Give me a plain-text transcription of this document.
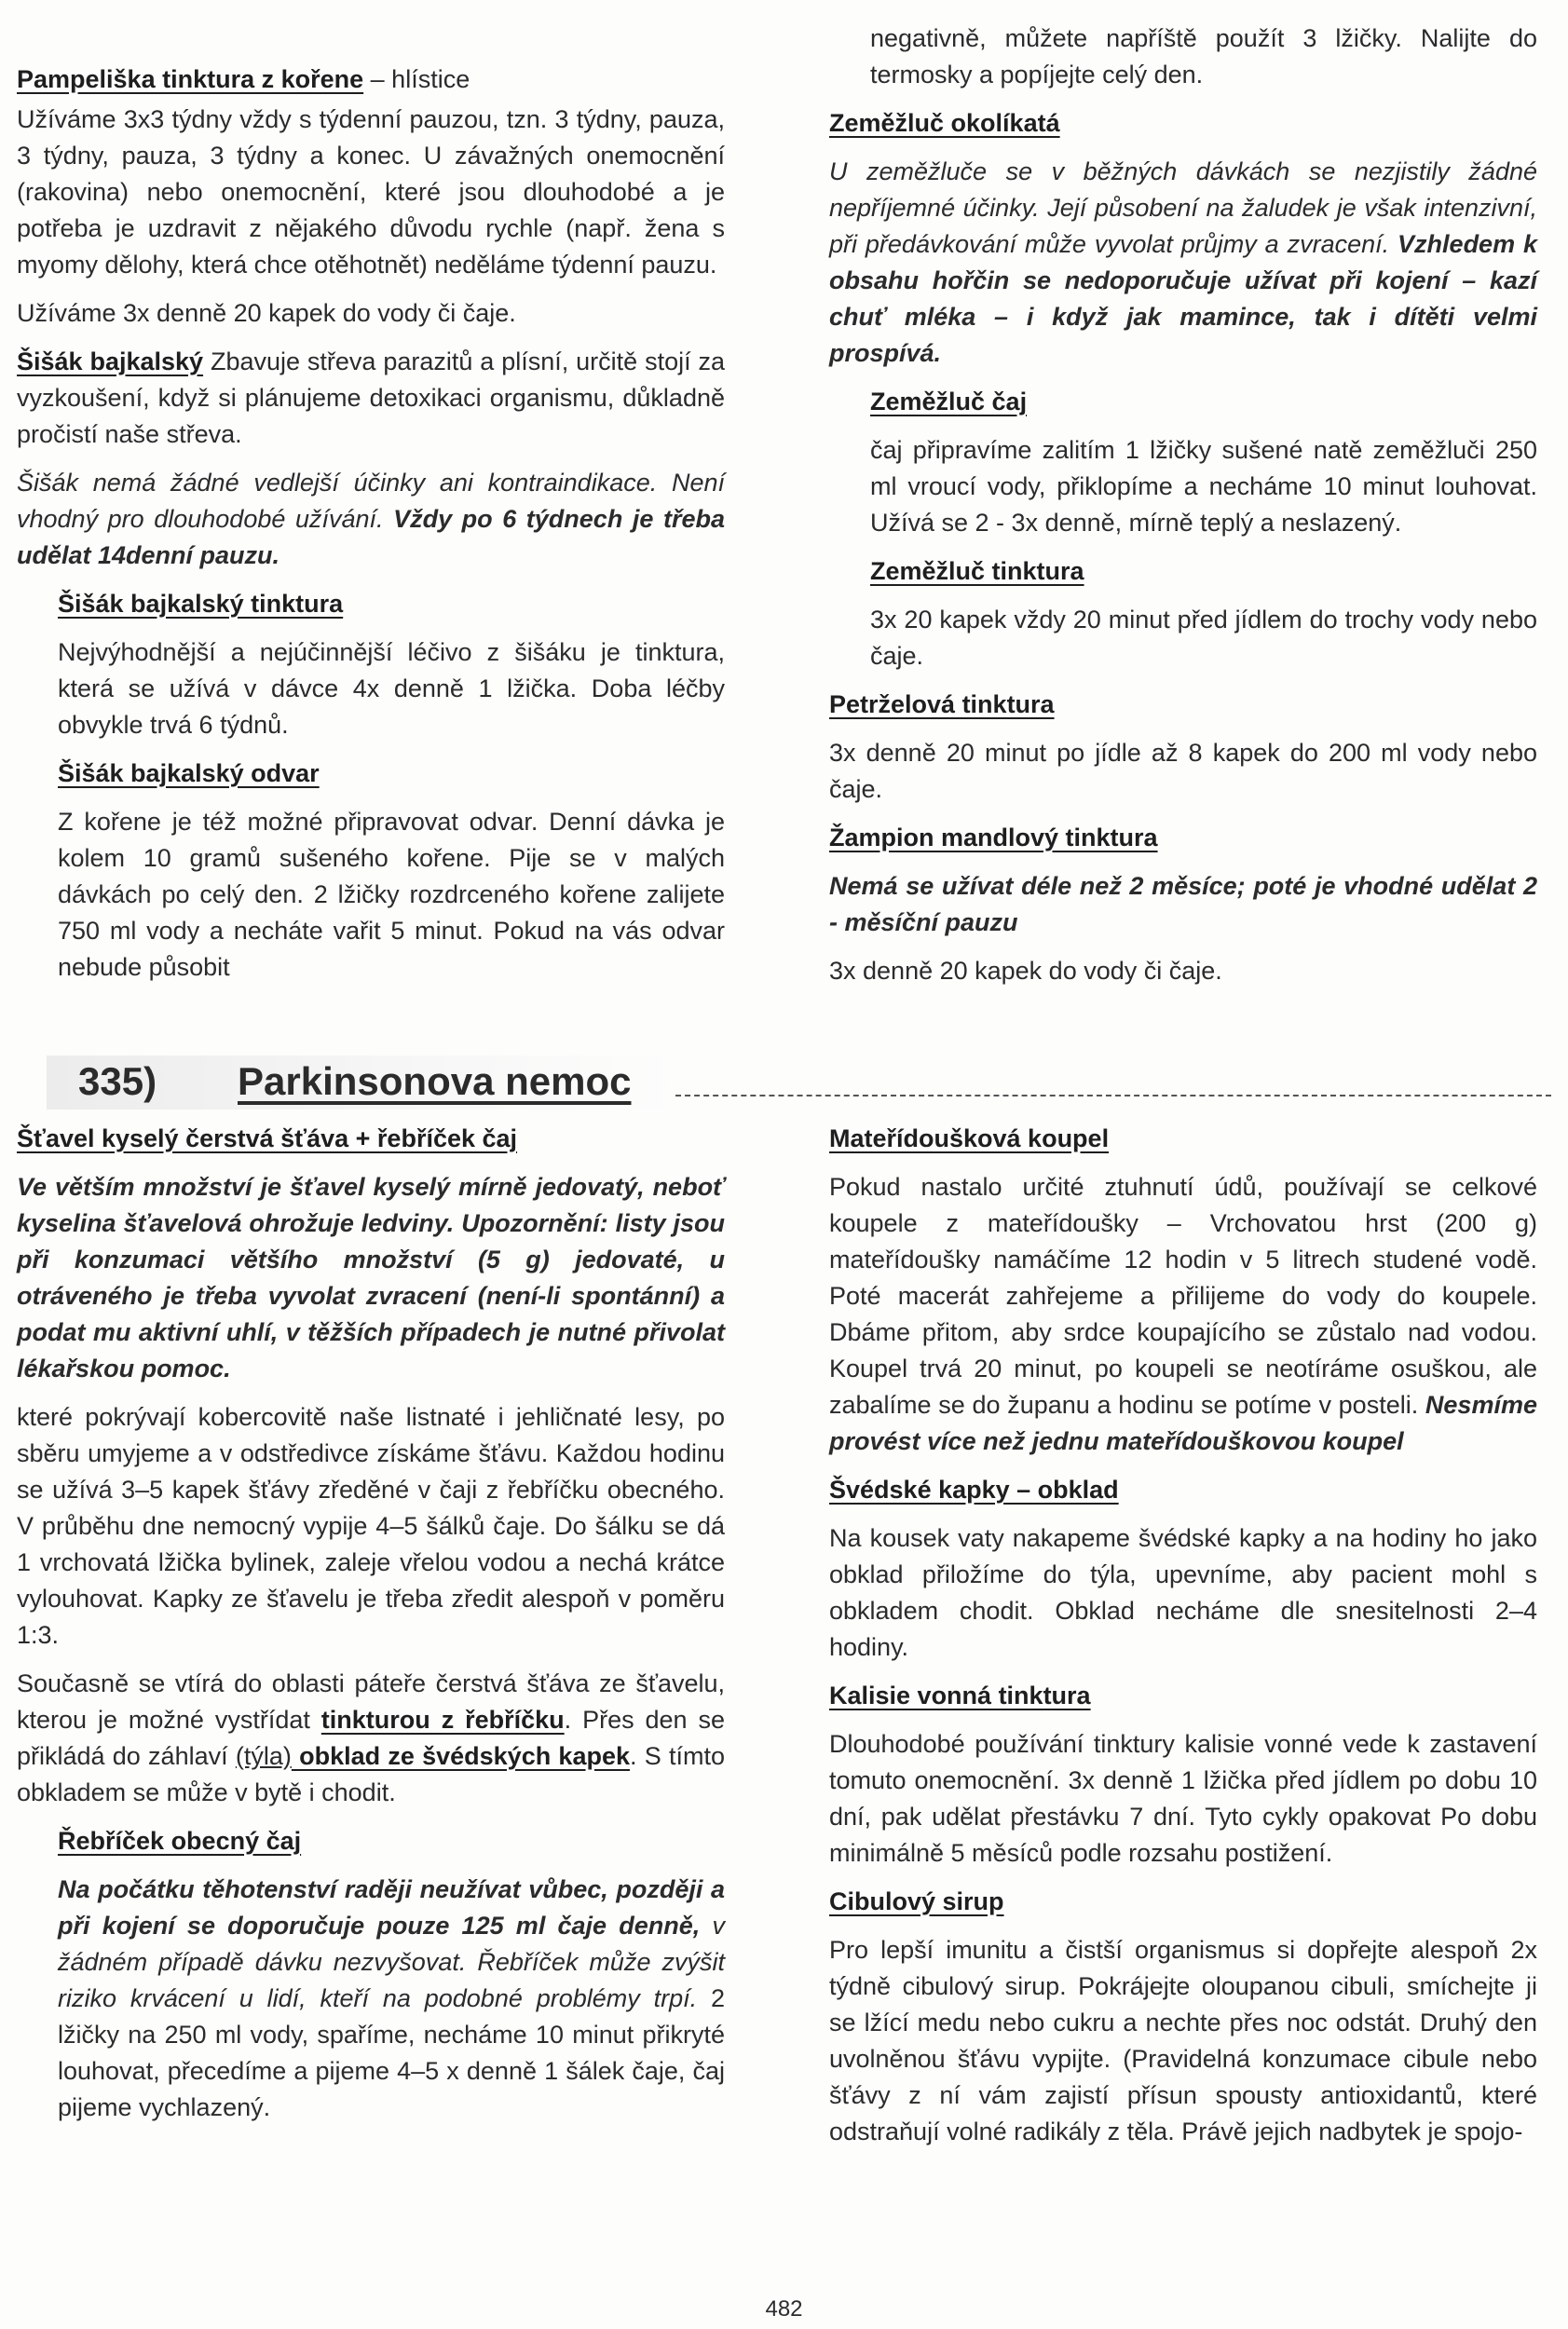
Pampeliška tinktura z kořene – hlístice

Užíváme 3x3 týdny vždy s týdenní pauzou, tzn. 3 týdny, pauza, 3 týdny, pauza, 3 týdny a konec. U závažných onemocnění (rakovina) nebo onemocnění, které jsou dlouhodobé a je potřeba je uzdravit z nějakého důvodu rychle (např. žena s myomy dělohy, která chce otěhotnět) neděláme týdenní pauzu.

Užíváme 3x denně 20 kapek do vody či čaje.

Šišák bajkalský Zbavuje střeva parazitů a plísní, určitě stojí za vyzkoušení, když si plánujeme detoxikaci organismu, důkladně pročistí naše střeva.

Šišák nemá žádné vedlejší účinky ani kontraindikace. Není vhodný pro dlouhodobé užívání. Vždy po 6 týdnech je třeba udělat 14denní pauzu.

Šišák bajkalský tinktura

Nejvýhodnější a nejúčinnější léčivo z šišáku je tinktura, která se užívá v dávce 4x denně 1 lžička. Doba léčby obvykle trvá 6 týdnů.

Šišák bajkalský odvar

Z kořene je též možné připravovat odvar. Denní dávka je kolem 10 gramů sušeného kořene. Pije se v malých dávkách po celý den. 2 lžičky rozdrceného kořene zalijete 750 ml vody a necháte vařit 5 minut. Pokud na vás odvar nebude působit

negativně, můžete napříště použít 3 lžičky. Nalijte do termosky a popíjejte celý den.

Zeměžluč okolíkatá

U zeměžluče se v běžných dávkách se nezjistily žádné nepříjemné účinky. Její působení na žaludek je však intenzivní, při předávkování může vyvolat průjmy a zvracení. Vzhledem k obsahu hořčin se nedoporučuje užívat při kojení – kazí chuť mléka – i když jak mamince, tak i dítěti velmi prospívá.

Zeměžluč čaj

čaj připravíme zalitím 1 lžičky sušené natě zeměžluči 250 ml vroucí vody, přiklopíme a necháme 10 minut louhovat. Užívá se 2 - 3x denně, mírně teplý a neslazený.

Zeměžluč tinktura

3x 20 kapek vždy 20 minut před jídlem do trochy vody nebo čaje.

Petrželová tinktura

3x denně 20 minut po jídle až 8 kapek do 200 ml vody nebo čaje.

Žampion mandlový tinktura

Nemá se užívat déle než 2 měsíce; poté je vhodné udělat 2 - měsíční pauzu

3x denně 20 kapek do vody či čaje.

335) Parkinsonova nemoc

Šťavel kyselý čerstvá šťáva + řebříček čaj

Ve větším množství je šťavel kyselý mírně jedovatý, neboť kyselina šťavelová ohrožuje ledviny. Upozornění: listy jsou při konzumaci většího množství (5 g) jedovaté, u otráveného je třeba vyvolat zvracení (není-li spontánní) a podat mu aktivní uhlí, v těžších případech je nutné přivolat lékařskou pomoc.

které pokrývají kobercovitě naše listnaté i jehličnaté lesy, po sběru umyjeme a v odstředivce získáme šťávu. Každou hodinu se užívá 3–5 kapek šťávy zředěné v čaji z řebříčku obecného. V průběhu dne nemocný vypije 4–5 šálků čaje. Do šálku se dá 1 vrchovatá lžička bylinek, zaleje vřelou vodou a nechá krátce vylouhovat. Kapky ze šťavelu je třeba zředit alespoň v poměru 1:3.

Současně se vtírá do oblasti páteře čerstvá šťáva ze šťavelu, kterou je možné vystřídat tinkturou z řebříčku. Přes den se přikládá do záhlaví (týla) obklad ze švédských kapek. S tímto obkladem se může v bytě i chodit.

Řebříček obecný čaj

Na počátku těhotenství raději neužívat vůbec, později a při kojení se doporučuje pouze 125 ml čaje denně, v žádném případě dávku nezvyšovat. Řebříček může zvýšit riziko krvácení u lidí, kteří na podobné problémy trpí. 2 lžičky na 250 ml vody, spaříme, necháme 10 minut přikryté louhovat, přecedíme a pijeme 4–5 x denně 1 šálek čaje, čaj pijeme vychlazený.

Mateřídoušková koupel

Pokud nastalo určité ztuhnutí údů, používají se celkové koupele z mateřídoušky – Vrchovatou hrst (200 g) mateřídoušky namáčíme 12 hodin v 5 litrech studené vodě. Poté macerát zahřejeme a přilijeme do vody do koupele. Dbáme přitom, aby srdce koupajícího se zůstalo nad vodou. Koupel trvá 20 minut, po koupeli se neotíráme osuškou, ale zabalíme se do županu a hodinu se potíme v posteli. Nesmíme provést více než jednu mateřídouškovou koupel

Švédské kapky – obklad

Na kousek vaty nakapeme švédské kapky a na hodiny ho jako obklad přiložíme do týla, upevníme, aby pacient mohl s obkladem chodit. Obklad necháme dle snesitelnosti 2–4 hodiny.

Kalisie vonná tinktura

Dlouhodobé používání tinktury kalisie vonné vede k zastavení tomuto onemocnění. 3x denně 1 lžička před jídlem po dobu 10 dní, pak udělat přestávku 7 dní. Tyto cykly opakovat Po dobu minimálně 5 měsíců podle rozsahu postižení.

Cibulový sirup

Pro lepší imunitu a čistší organismus si dopřejte alespoň 2x týdně cibulový sirup. Pokrájejte oloupanou cibuli, smíchejte ji se lžící medu nebo cukru a nechte přes noc odstát. Druhý den uvolněnou šťávu vypijte. (Pravidelná konzumace cibule nebo šťávy z ní vám zajistí přísun spousty antioxidantů, které odstraňují volné radikály z těla. Právě jejich nadbytek je spojo-

482
